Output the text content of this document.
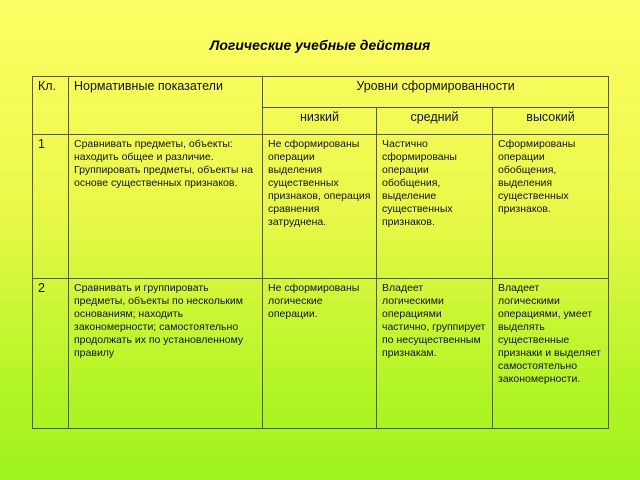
Логические учебные действия
Кл.	Нормативные показатели	Уровни сформированности		
		низкий	средний	высокий
1	Сравнивать предметы, объекты: находить общее и различие. Группировать предметы, объекты на основе существенных признаков.	Не сформированы операции выделения существенных признаков, операция сравнения затруднена.	Частично сформированы операции обобщения, выделение существенных признаков.	Сформированы операции обобщения, выделения существенных признаков.
2	Сравнивать и группировать предметы, объекты по нескольким основаниям; находить закономерности; самостоятельно продолжать их по установленному правилу	Не сформированы логические операции.	Владеет логическими операциями частично, группирует по несущественным признакам.	Владеет логическими операциями, умеет выделять существенные признаки и выделяет самостоятельно закономерности.
